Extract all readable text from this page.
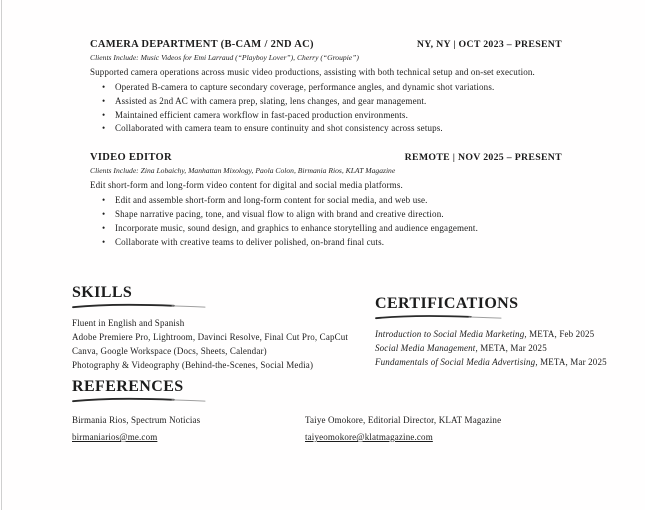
CAMERA DEPARTMENT (B-CAM / 2ND AC)	NY, NY | OCT 2023 – PRESENT
Clients Include: Music Videos for Emi Larraud (“Playboy Lover”), Cherry (“Groupie”)
Supported camera operations across music video productions, assisting with both technical setup and on-set execution.
• Operated B-camera to capture secondary coverage, performance angles, and dynamic shot variations.
• Assisted as 2nd AC with camera prep, slating, lens changes, and gear management.
• Maintained efficient camera workflow in fast-paced production environments.
• Collaborated with camera team to ensure continuity and shot consistency across setups.
VIDEO EDITOR	REMOTE | NOV 2025 – PRESENT
Clients Include: Zina Lobaichy, Manhattan Mixology, Paola Colon, Birmania Rios, KLAT Magazine
Edit short-form and long-form video content for digital and social media platforms.
• Edit and assemble short-form and long-form content for social media, and web use.
• Shape narrative pacing, tone, and visual flow to align with brand and creative direction.
• Incorporate music, sound design, and graphics to enhance storytelling and audience engagement.
• Collaborate with creative teams to deliver polished, on-brand final cuts.
SKILLS
Fluent in English and Spanish
Adobe Premiere Pro, Lightroom, Davinci Resolve, Final Cut Pro, CapCut
Canva, Google Workspace (Docs, Sheets, Calendar)
Photography & Videography (Behind-the-Scenes, Social Media)
CERTIFICATIONS
Introduction to Social Media Marketing, META, Feb 2025
Social Media Management, META, Mar 2025
Fundamentals of Social Media Advertising, META, Mar 2025
REFERENCES
Birmania Rios, Spectrum Noticias
birmaniarios@me.com
Taiye Omokore, Editorial Director, KLAT Magazine
taiyeomokore@klatmagazine.com
